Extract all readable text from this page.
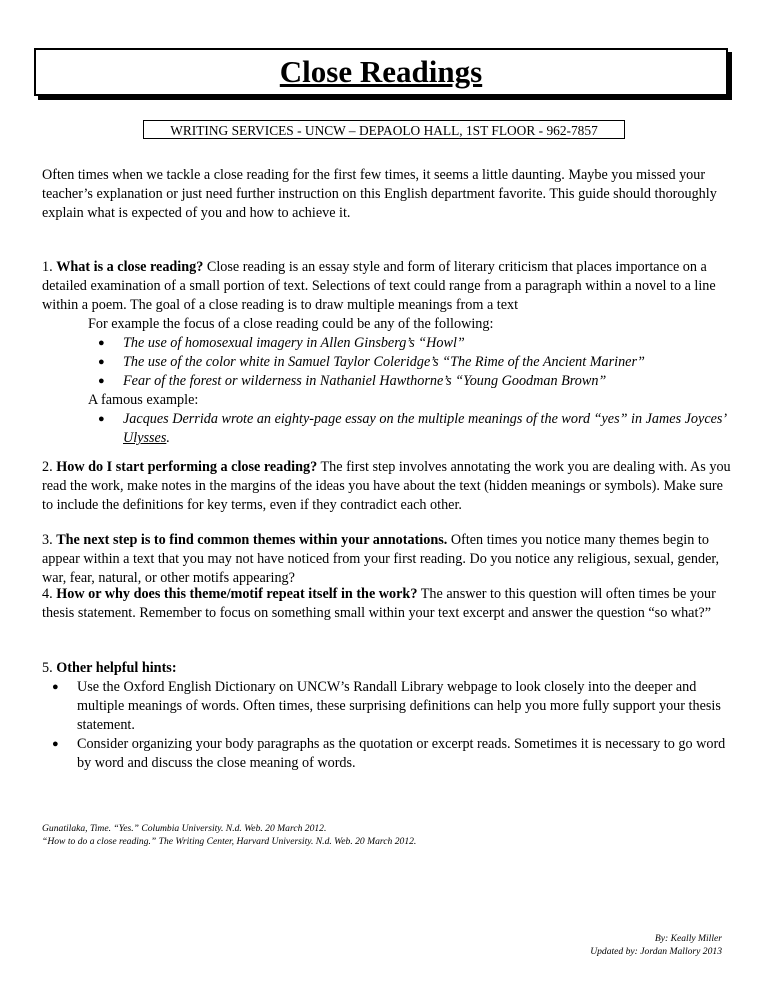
Close Readings
WRITING SERVICES - UNCW – DEPAOLO HALL, 1ST FLOOR - 962-7857

Often times when we tackle a close reading for the first few times, it seems a little daunting. Maybe you missed your teacher’s explanation or just need further instruction on this English department favorite. This guide should thoroughly explain what is expected of you and how to achieve it.

1. What is a close reading? Close reading is an essay style and form of literary criticism that places importance on a detailed examination of a small portion of text. Selections of text could range from a paragraph within a novel to a line within a poem. The goal of a close reading is to draw multiple meanings from a text

For example the focus of a close reading could be any of the following:

● The use of homosexual imagery in Allen Ginsberg’s “Howl”
● The use of the color white in Samuel Taylor Coleridge’s “The Rime of the Ancient Mariner”
● Fear of the forest or wilderness in Nathaniel Hawthorne’s “Young Goodman Brown”

A famous example:

● Jacques Derrida wrote an eighty-page essay on the multiple meanings of the word “yes” in James Joyces’ Ulysses.

2. How do I start performing a close reading? The first step involves annotating the work you are dealing with. As you read the work, make notes in the margins of the ideas you have about the text (hidden meanings or symbols). Make sure to include the definitions for key terms, even if they contradict each other.

3. The next step is to find common themes within your annotations. Often times you notice many themes begin to appear within a text that you may not have noticed from your first reading. Do you notice any religious, sexual, gender, war, fear, natural, or other motifs appearing?

4. How or why does this theme/motif repeat itself in the work? The answer to this question will often times be your thesis statement. Remember to focus on something small within your text excerpt and answer the question “so what?”

5. Other helpful hints:

● Use the Oxford English Dictionary on UNCW’s Randall Library webpage to look closely into the deeper and multiple meanings of words. Often times, these surprising definitions can help you more fully support your thesis statement.
● Consider organizing your body paragraphs as the quotation or excerpt reads. Sometimes it is necessary to go word by word and discuss the close meaning of words.

Gunatilaka, Time. “Yes.” Columbia University. N.d. Web. 20 March 2012.

“How to do a close reading.” The Writing Center, Harvard University. N.d. Web. 20 March 2012.

By: Keally Miller

Updated by: Jordan Mallory 2013
